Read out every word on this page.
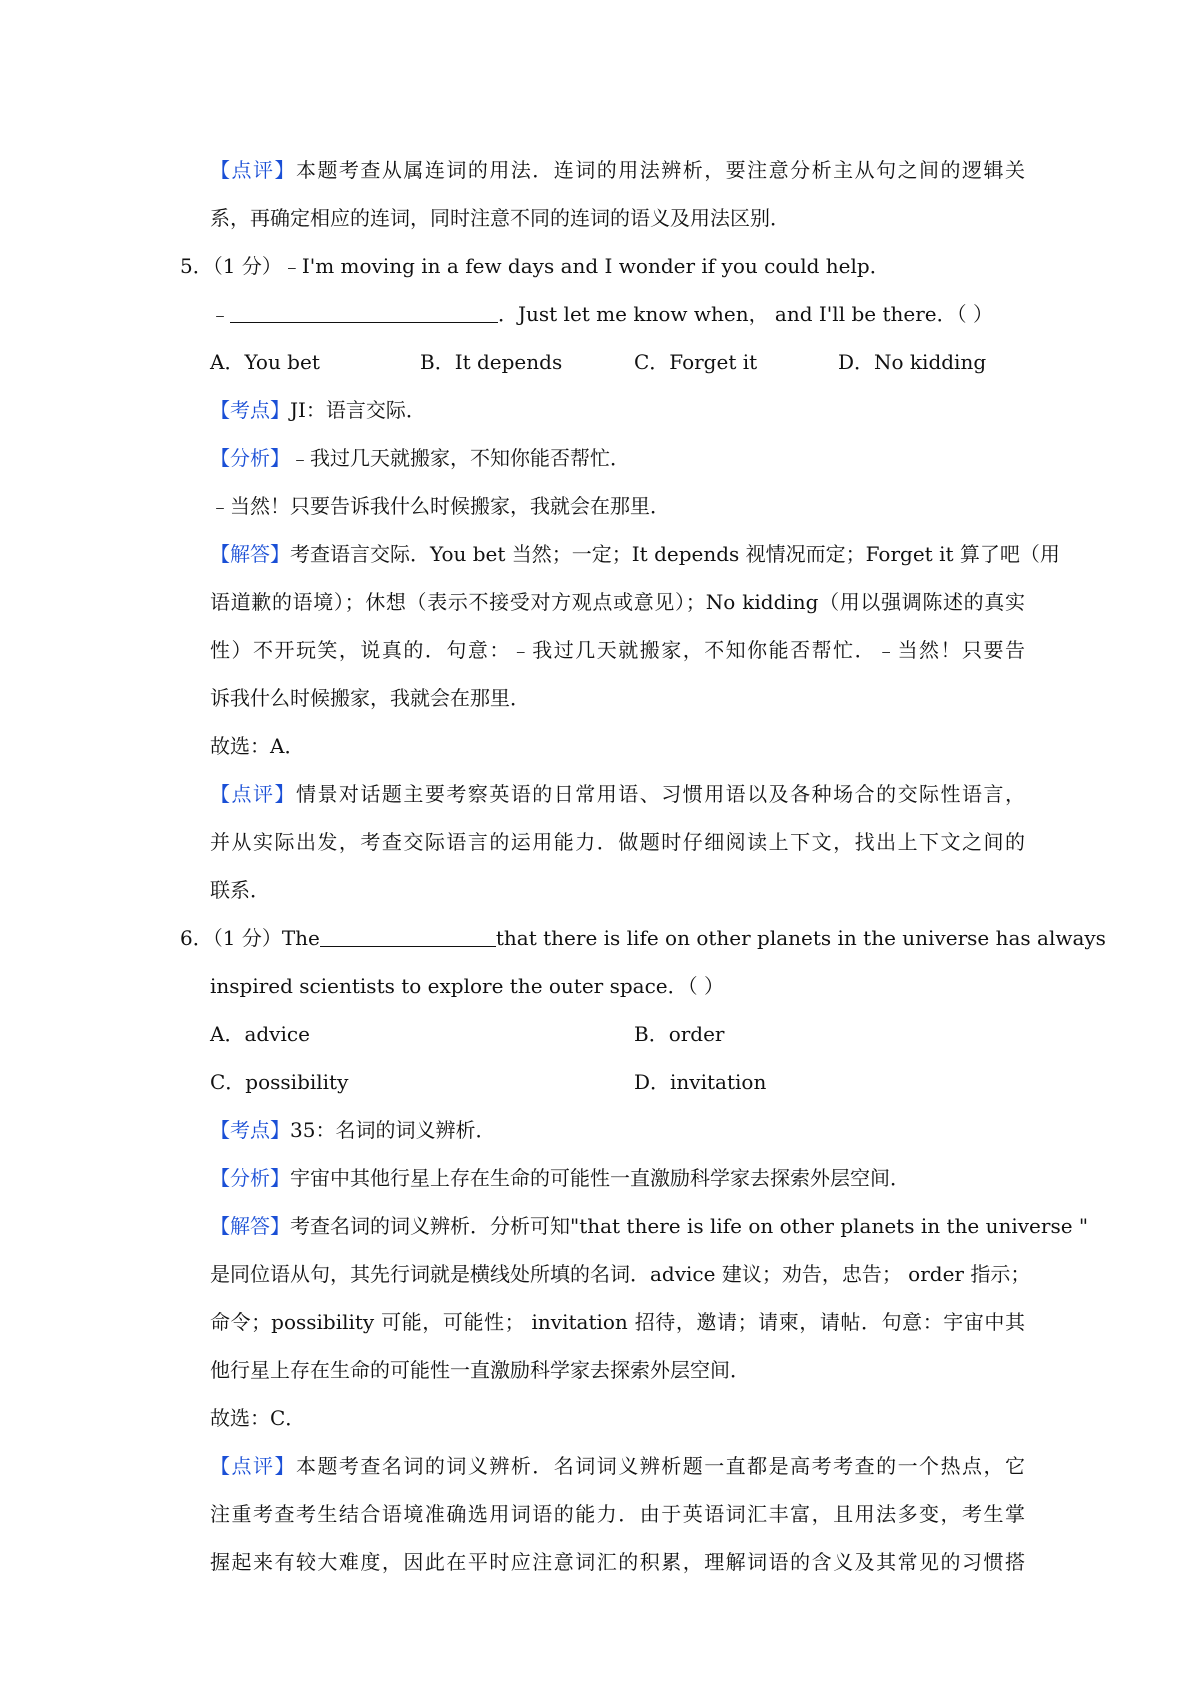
【点评】本题考查从属连词的用法．连词的用法辨析，要注意分析主从句之间的逻辑关
系，再确定相应的连词，同时注意不同的连词的语义及用法区别．
5．（1 分）﹣I'm moving in a few days and I wonder if you could help．
﹣	．Just let me know when， and I'll be there．（ ）
A．You bet	B．It depends	C．Forget it	D．No kidding
【考点】JI：语言交际．
【分析】﹣我过几天就搬家，不知你能否帮忙．
﹣当然！只要告诉我什么时候搬家，我就会在那里．
【解答】考查语言交际．You bet 当然；一定；It depends 视情况而定；Forget it 算了吧（用
语道歉的语境）；休想（表示不接受对方观点或意见）；No kidding（用以强调陈述的真实
性）不开玩笑，说真的．句意：﹣我过几天就搬家，不知你能否帮忙．﹣当然！只要告
诉我什么时候搬家，我就会在那里．
故选：A．
【点评】情景对话题主要考察英语的日常用语、习惯用语以及各种场合的交际性语言，
并从实际出发，考查交际语言的运用能力．做题时仔细阅读上下文，找出上下文之间的
联系．
6．（1 分）The	that there is life on other planets in the universe has always
inspired scientists to explore the outer space．（ ）
A．advice	B．order
C．possibility	D．invitation
【考点】35：名词的词义辨析．
【分析】宇宙中其他行星上存在生命的可能性一直激励科学家去探索外层空间．
【解答】考查名词的词义辨析．分析可知"that there is life on other planets in the universe "
是同位语从句，其先行词就是横线处所填的名词．advice 建议；劝告，忠告； order 指示；
命令；possibility 可能，可能性； invitation 招待，邀请；请柬，请帖．句意：宇宙中其
他行星上存在生命的可能性一直激励科学家去探索外层空间．
故选：C．
【点评】本题考查名词的词义辨析．名词词义辨析题一直都是高考考查的一个热点，它
注重考查考生结合语境准确选用词语的能力．由于英语词汇丰富，且用法多变，考生掌
握起来有较大难度，因此在平时应注意词汇的积累，理解词语的含义及其常见的习惯搭
